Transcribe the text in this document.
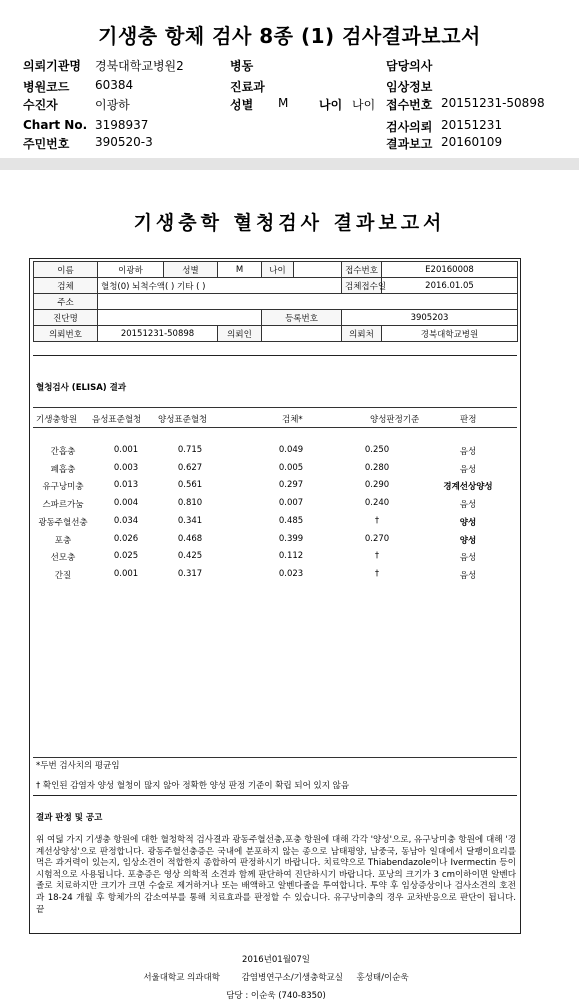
기생충 항체 검사 8종 (1) 검사결과보고서
의뢰기관명 경북대학교병원2	병동	담당의사
병원코드 60384	진료과	임상정보
수진자	이광하	성별 M	나이 나이 접수번호 20151231-50898
Chart No. 3198937	검사의뢰 20151231
주민번호 390520-3	결과보고 20160109
기생충학 혈청검사 결과보고서
이름	이광하	성별	M	나이		접수번호	E20160008
검체	혈청(0) 뇌척수액( ) 기타 ( )					검체접수일	2016.01.05
주소							
진단명				등록번호		3905203	
의뢰번호	20151231-50898		의뢰인			의뢰처	경북대학교병원
혈청검사 (ELISA) 결과
기생충항원 음성표준혈청 양성표준혈청	검체*	양성판정기준	판정
간흡충	0.001	0.715	0.049	0.250	음성
폐흡충	0.003	0.627	0.005	0.280	음성
유구낭미충	0.013	0.561	0.297	0.290	경계선상양성
스파르가눔	0.004	0.810	0.007	0.240	음성
광동주혈선충	0.034	0.341	0.485	†	양성
포충	0.026	0.468	0.399	0.270	양성
선모충	0.025	0.425	0.112	†	음성
간질	0.001	0.317	0.023	†	음성
*두번 검사치의 평균임
† 확인된 감염자 양성 혈청이 많지 않아 정확한 양성 판정 기준이 확립 되어 있지 않음
결과 판정 및 공고

위 여덟 가지 기생충 항원에 대한 혈청학적 검사결과 광동주혈선충,포충 항원에 대해 각각 '양성'으로, 유구낭미충 항원에 대해 '경계선상양성'으로 판정합니다. 광동주혈선충증은 국내에 분포하지 않는 종으로 남태평양, 남중국, 동남아 일대에서 달팽이요리를 먹은 과거력이 있는지, 임상소견이 적합한지 종합하여 판정하시기 바랍니다. 치료약으로 Thiabendazole이나 Ivermectin 등이 시험적으로 사용됩니다. 포충증은 영상 의학적 소견과 함께 판단하여 진단하시기 바랍니다. 포낭의 크기가 3 cm이하이면 알벤다졸로 치료하지만 크기가 크면 수술로 제거하거나 또는 배액하고 알벤다졸을 투여합니다. 투약 후 임상증상이나 검사소견의 호전과 18-24 개월 후 항체가의 감소여부를 통해 치료효과를 판정할 수 있습니다. 유구낭미충의 경우 교차반응으로 판단이 됩니다. 끝

2016년01월07일
서울대학교 의과대학	감염병연구소/기생충학교실 홍성태/이순욱
담당 : 이순욱 (740-8350)
